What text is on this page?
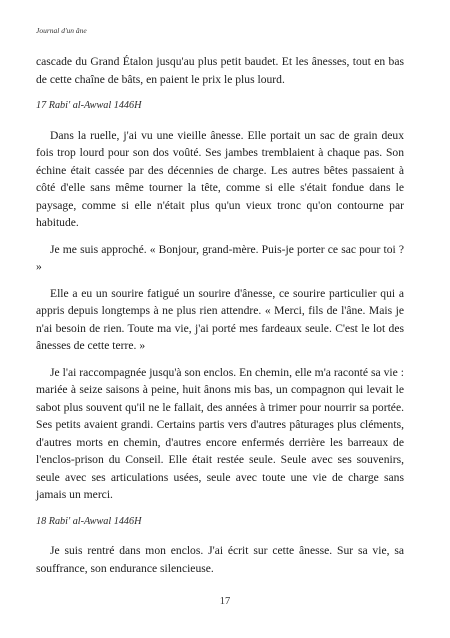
Journal d'un âne

cascade du Grand Étalon jusqu'au plus petit baudet. Et les ânesses, tout en bas de cette chaîne de bâts, en paient le prix le plus lourd.

17 Rabi' al-Awwal 1446H

Dans la ruelle, j'ai vu une vieille ânesse. Elle portait un sac de grain deux fois trop lourd pour son dos voûté. Ses jambes tremblaient à chaque pas. Son échine était cassée par des décennies de charge. Les autres bêtes passaient à côté d'elle sans même tourner la tête, comme si elle s'était fondue dans le paysage, comme si elle n'était plus qu'un vieux tronc qu'on contourne par habitude.

Je me suis approché. « Bonjour, grand-mère. Puis-je porter ce sac pour toi ? »

Elle a eu un sourire fatigué un sourire d'ânesse, ce sourire particulier qui a appris depuis longtemps à ne plus rien attendre. « Merci, fils de l'âne. Mais je n'ai besoin de rien. Toute ma vie, j'ai porté mes fardeaux seule. C'est le lot des ânesses de cette terre. »

Je l'ai raccompagnée jusqu'à son enclos. En chemin, elle m'a raconté sa vie : mariée à seize saisons à peine, huit ânons mis bas, un compagnon qui levait le sabot plus souvent qu'il ne le fallait, des années à trimer pour nourrir sa portée. Ses petits avaient grandi. Certains partis vers d'autres pâturages plus cléments, d'autres morts en chemin, d'autres encore enfermés derrière les barreaux de l'enclos-prison du Conseil. Elle était restée seule. Seule avec ses souvenirs, seule avec ses articulations usées, seule avec toute une vie de charge sans jamais un merci.

18 Rabi' al-Awwal 1446H

Je suis rentré dans mon enclos. J'ai écrit sur cette ânesse. Sur sa vie, sa souffrance, son endurance silencieuse.

17
